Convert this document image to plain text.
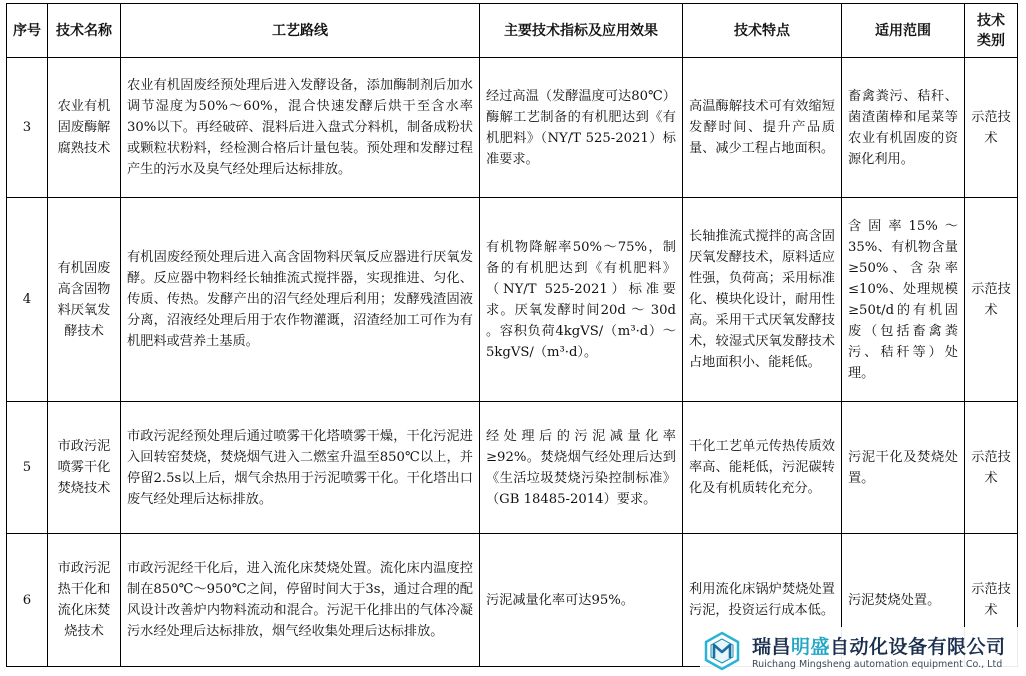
序号	技术名称	工艺路线	主要技术指标及应用效果	技术特点	适用范围	技术类别
3	农业有机固废酶解腐熟技术	农业有机固废经预处理后进入发酵设备，添加酶制剂后加水调节湿度为50%～60%，混合快速发酵后烘干至含水率30%以下。再经破碎、混料后进入盘式分料机，制备成粉状或颗粒状粉料，经检测合格后计量包装。预处理和发酵过程产生的污水及臭气经处理后达标排放。	经过高温（发酵温度可达80℃）酶解工艺制备的有机肥达到《有机肥料》（NY/T 525-2021）标准要求。	高温酶解技术可有效缩短发酵时间、提升产品质量、减少工程占地面积。	畜禽粪污、秸秆、菌渣菌棒和尾菜等农业有机固废的资源化利用。	示范技术
4	有机固废高含固物料厌氧发酵技术	有机固废经预处理后进入高含固物料厌氧反应器进行厌氧发酵。反应器中物料经长轴推流式搅拌器，实现推进、匀化、传质、传热。发酵产出的沼气经处理后利用；发酵残渣固液分离，沼液经处理后用于农作物灌溉，沼渣经加工可作为有机肥料或营养土基质。	有机物降解率50%～75%，制备的有机肥达到《有机肥料》（NY/T 525-2021）标准要求。厌氧发酵时间20d ～ 30d 。容积负荷4kgVS/（m³·d）～5kgVS/（m³·d）。	长轴推流式搅拌的高含固厌氧发酵技术，原料适应性强，负荷高；采用标准化、模块化设计，耐用性高。采用干式厌氧发酵技术，较湿式厌氧发酵技术占地面积小、能耗低。	含固率15%～35%、有机物含量≥50%、含杂率≤10%、处理规模≥50t/d的有机固废（包括畜禽粪污、秸秆等）处理。	示范技术
5	市政污泥喷雾干化焚烧技术	市政污泥经预处理后通过喷雾干化塔喷雾干燥，干化污泥进入回转窑焚烧，焚烧烟气进入二燃室升温至850℃以上，并停留2.5s以上后，烟气余热用于污泥喷雾干化。干化塔出口废气经处理后达标排放。	经处理后的污泥减量化率≥92%。焚烧烟气经处理后达到《生活垃圾焚烧污染控制标准》（GB 18485-2014）要求。	干化工艺单元传热传质效率高、能耗低，污泥碳转化及有机质转化充分。	污泥干化及焚烧处置。	示范技术
6	市政污泥热干化和流化床焚烧技术	市政污泥经干化后，进入流化床焚烧处置。流化床内温度控制在850℃～950℃之间，停留时间大于3s，通过合理的配风设计改善炉内物料流动和混合。污泥干化排出的气体冷凝污水经处理后达标排放，烟气经收集处理后达标排放。	污泥减量化率可达95%。	利用流化床锅炉焚烧处置污泥，投资运行成本低。	污泥焚烧处置。	示范技术
瑞昌明盛自动化设备有限公司
Ruichang Mingsheng automation equipment Co., Ltd
